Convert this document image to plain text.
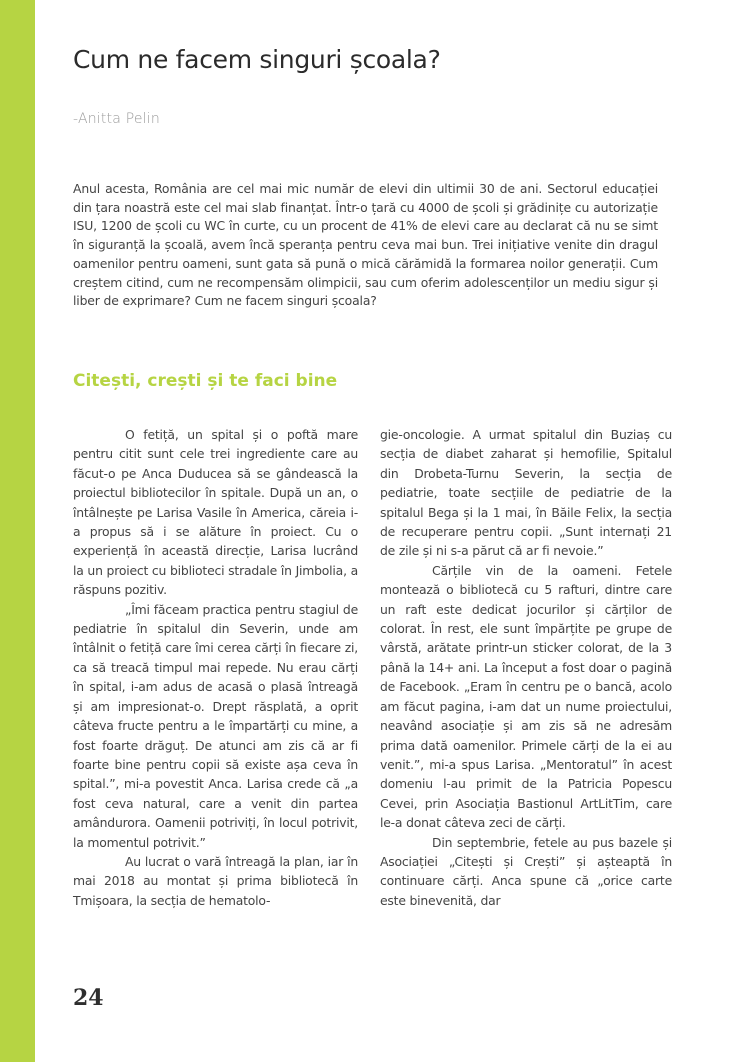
Cum ne facem singuri școala?
-Anitta Pelin

Anul acesta, România are cel mai mic număr de elevi din ultimii 30 de ani. Sectorul educației din țara noastră este cel mai slab finanțat. Într-o țară cu 4000 de școli și grădinițe cu autorizație ISU, 1200 de școli cu WC în curte, cu un procent de 41% de elevi care au declarat că nu se simt în siguranță la școală, avem încă speranța pentru ceva mai bun. Trei inițiative venite din dragul oamenilor pentru oameni, sunt gata să pună o mică cărămidă la formarea noilor generații. Cum creștem citind, cum ne recompensăm olimpicii, sau cum oferim adolescenților un mediu sigur și liber de exprimare? Cum ne facem singuri școala?

Citești, crești și te faci bine

O fetiță, un spital și o poftă mare pentru citit sunt cele trei ingrediente care au făcut-o pe Anca Duducea să se gândească la proiectul bibliotecilor în spitale. După un an, o întâlnește pe Larisa Vasile în America, căreia i-a propus să i se alăture în proiect. Cu o experiență în această direcție, Larisa lucrând la un proiect cu biblioteci stradale în Jimbolia, a răspuns pozitiv.

„Îmi făceam practica pentru stagiul de pediatrie în spitalul din Severin, unde am întâlnit o fetiță care îmi cerea cărți în fiecare zi, ca să treacă timpul mai repede. Nu erau cărți în spital, i-am adus de acasă o plasă întreagă și am impresionat-o. Drept răsplată, a oprit câteva fructe pentru a le împartărți cu mine, a fost foarte drăguț. De atunci am zis că ar fi foarte bine pentru copii să existe așa ceva în spital.”, mi-a povestit Anca. Larisa crede că „a fost ceva natural, care a venit din partea amândurora. Oamenii potriviți, în locul potrivit, la momentul potrivit.”

Au lucrat o vară întreagă la plan, iar în mai 2018 au montat și prima bibliotecă în Tmișoara, la secția de hematolo-

gie-oncologie. A urmat spitalul din Buziaș cu secția de diabet zaharat și hemofilie, Spitalul din Drobeta-Turnu Severin, la secția de pediatrie, toate secțiile de pediatrie de la spitalul Bega și la 1 mai, în Băile Felix, la secția de recuperare pentru copii. „Sunt internați 21 de zile și ni s-a părut că ar fi nevoie.”

Cărțile vin de la oameni. Fetele montează o bibliotecă cu 5 rafturi, dintre care un raft este dedicat jocurilor și cărților de colorat. În rest, ele sunt împărțite pe grupe de vârstă, arătate printr-un sticker colorat, de la 3 până la 14+ ani. La început a fost doar o pagină de Facebook. „Eram în centru pe o bancă, acolo am făcut pagina, i-am dat un nume proiectului, neavând asociație și am zis să ne adresăm prima dată oamenilor. Primele cărți de la ei au venit.”, mi-a spus Larisa. „Mentoratul” în acest domeniu l-au primit de la Patricia Popescu Cevei, prin Asociația Bastionul ArtLitTim, care le-a donat câteva zeci de cărți.

Din septembrie, fetele au pus bazele și Asociației „Citești și Crești” și așteaptă în continuare cărți. Anca spune că „orice carte este binevenită, dar

24
